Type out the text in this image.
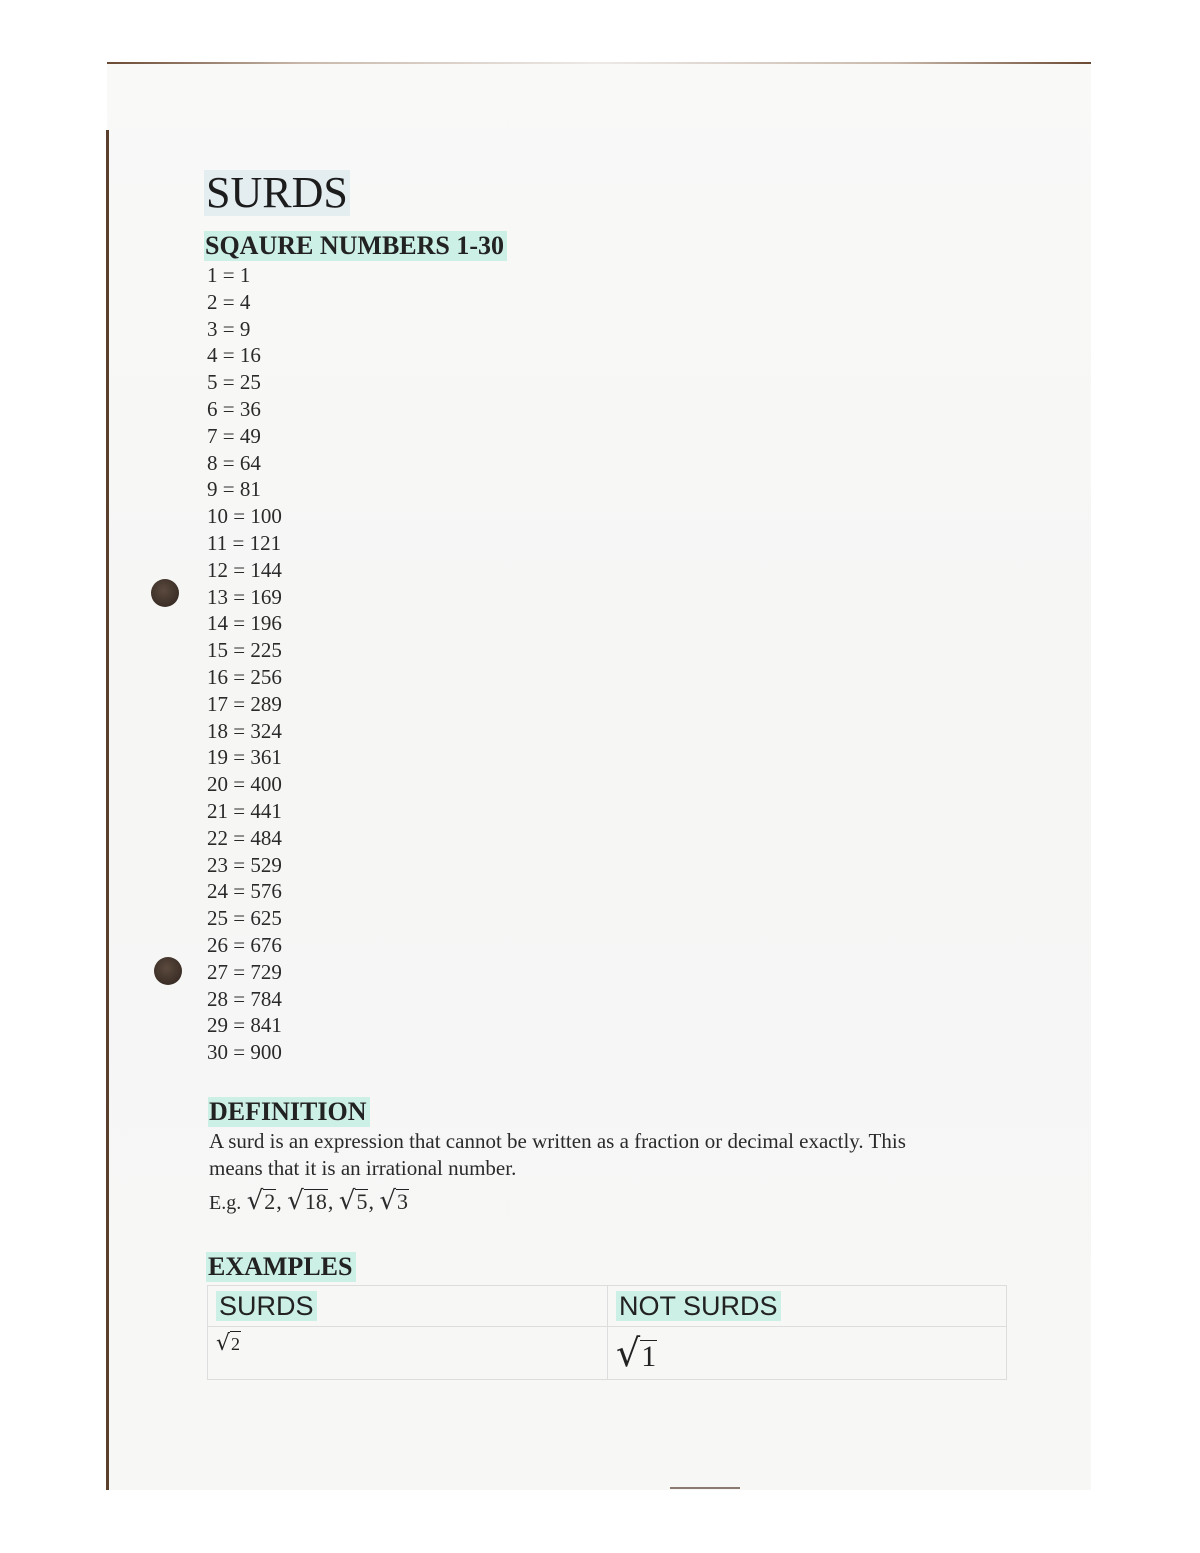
SURDS
SQAURE NUMBERS 1-30
1 = 1
2 = 4
3 = 9
4 = 16
5 = 25
6 = 36
7 = 49
8 = 64
9 = 81
10 = 100
11 = 121
12 = 144
13 = 169
14 = 196
15 = 225
16 = 256
17 = 289
18 = 324
19 = 361
20 = 400
21 = 441
22 = 484
23 = 529
24 = 576
25 = 625
26 = 676
27 = 729
28 = 784
29 = 841
30 = 900
DEFINITION

A surd is an expression that cannot be written as a fraction or decimal exactly. This

means that it is an irrational number.

E.g. √2, √18, √5, √3
EXAMPLES
SURDS	NOT SURDS
√2	√1
